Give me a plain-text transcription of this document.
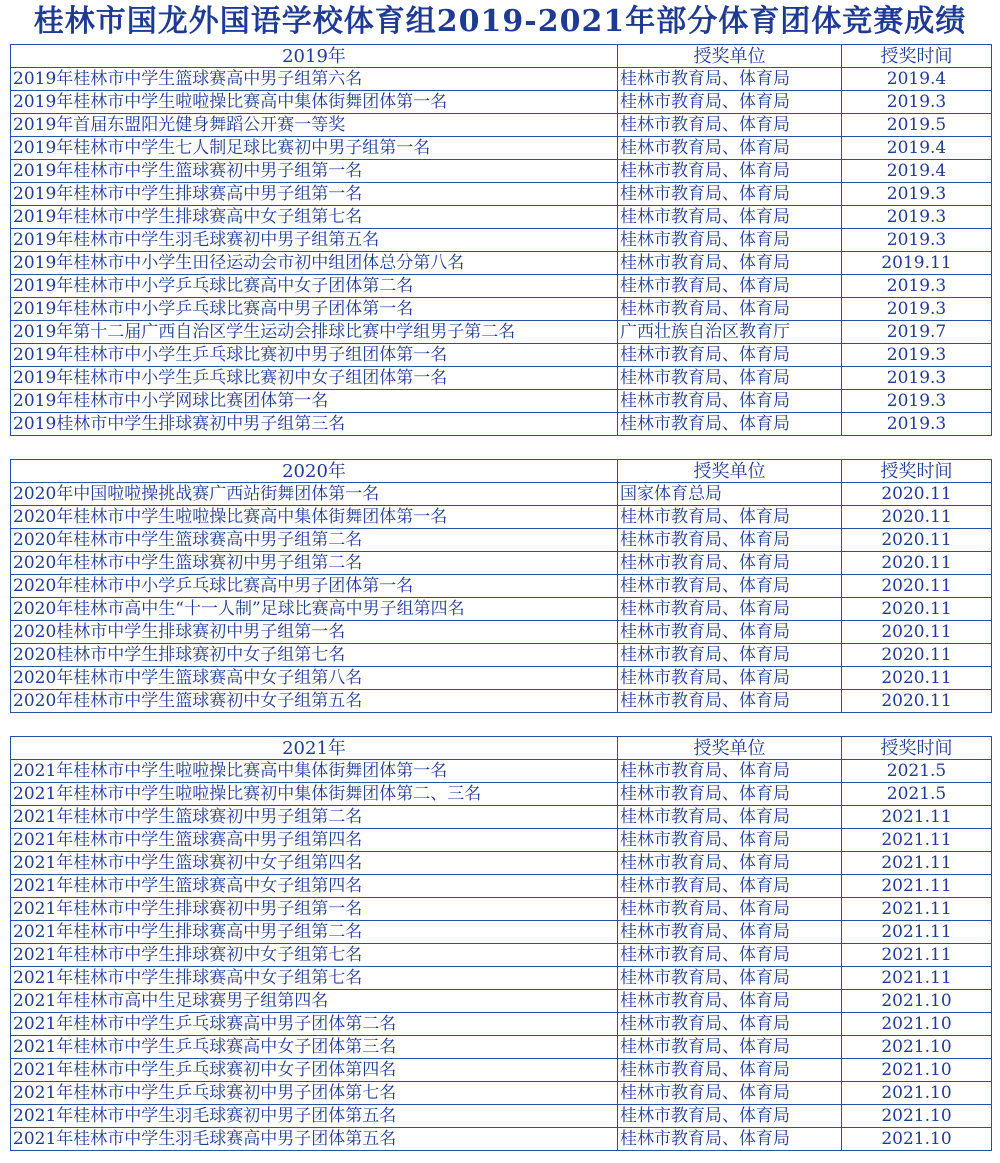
桂林市国龙外国语学校体育组2019-2021年部分体育团体竞赛成绩
2019年	授奖单位	授奖时间
2019年桂林市中学生篮球赛高中男子组第六名	桂林市教育局、体育局	2019.4
2019年桂林市中学生啦啦操比赛高中集体街舞团体第一名	桂林市教育局、体育局	2019.3
2019年首届东盟阳光健身舞蹈公开赛一等奖	桂林市教育局、体育局	2019.5
2019年桂林市中学生七人制足球比赛初中男子组第一名	桂林市教育局、体育局	2019.4
2019年桂林市中学生篮球赛初中男子组第一名	桂林市教育局、体育局	2019.4
2019年桂林市中学生排球赛高中男子组第一名	桂林市教育局、体育局	2019.3
2019年桂林市中学生排球赛高中女子组第七名	桂林市教育局、体育局	2019.3
2019年桂林市中学生羽毛球赛初中男子组第五名	桂林市教育局、体育局	2019.3
2019年桂林市中小学生田径运动会市初中组团体总分第八名	桂林市教育局、体育局	2019.11
2019年桂林市中小学乒乓球比赛高中女子团体第二名	桂林市教育局、体育局	2019.3
2019年桂林市中小学乒乓球比赛高中男子团体第一名	桂林市教育局、体育局	2019.3
2019年第十二届广西自治区学生运动会排球比赛中学组男子第二名	广西壮族自治区教育厅	2019.7
2019年桂林市中小学生乒乓球比赛初中男子组团体第一名	桂林市教育局、体育局	2019.3
2019年桂林市中小学生乒乓球比赛初中女子组团体第一名	桂林市教育局、体育局	2019.3
2019年桂林市中小学网球比赛团体第一名	桂林市教育局、体育局	2019.3
2019桂林市中学生排球赛初中男子组第三名	桂林市教育局、体育局	2019.3
2020年	授奖单位	授奖时间
2020年中国啦啦操挑战赛广西站街舞团体第一名	国家体育总局	2020.11
2020年桂林市中学生啦啦操比赛高中集体街舞团体第一名	桂林市教育局、体育局	2020.11
2020年桂林市中学生篮球赛高中男子组第二名	桂林市教育局、体育局	2020.11
2020年桂林市中学生篮球赛初中男子组第二名	桂林市教育局、体育局	2020.11
2020年桂林市中小学乒乓球比赛高中男子团体第一名	桂林市教育局、体育局	2020.11
2020年桂林市高中生“十一人制”足球比赛高中男子组第四名	桂林市教育局、体育局	2020.11
2020桂林市中学生排球赛初中男子组第一名	桂林市教育局、体育局	2020.11
2020桂林市中学生排球赛初中女子组第七名	桂林市教育局、体育局	2020.11
2020年桂林市中学生篮球赛高中女子组第八名	桂林市教育局、体育局	2020.11
2020年桂林市中学生篮球赛初中女子组第五名	桂林市教育局、体育局	2020.11
2021年	授奖单位	授奖时间
2021年桂林市中学生啦啦操比赛高中集体街舞团体第一名	桂林市教育局、体育局	2021.5
2021年桂林市中学生啦啦操比赛初中集体街舞团体第二、三名	桂林市教育局、体育局	2021.5
2021年桂林市中学生篮球赛初中男子组第二名	桂林市教育局、体育局	2021.11
2021年桂林市中学生篮球赛高中男子组第四名	桂林市教育局、体育局	2021.11
2021年桂林市中学生篮球赛初中女子组第四名	桂林市教育局、体育局	2021.11
2021年桂林市中学生篮球赛高中女子组第四名	桂林市教育局、体育局	2021.11
2021年桂林市中学生排球赛初中男子组第一名	桂林市教育局、体育局	2021.11
2021年桂林市中学生排球赛高中男子组第二名	桂林市教育局、体育局	2021.11
2021年桂林市中学生排球赛初中女子组第七名	桂林市教育局、体育局	2021.11
2021年桂林市中学生排球赛高中女子组第七名	桂林市教育局、体育局	2021.11
2021年桂林市高中生足球赛男子组第四名	桂林市教育局、体育局	2021.10
2021年桂林市中学生乒乓球赛高中男子团体第二名	桂林市教育局、体育局	2021.10
2021年桂林市中学生乒乓球赛高中女子团体第三名	桂林市教育局、体育局	2021.10
2021年桂林市中学生乒乓球赛初中女子团体第四名	桂林市教育局、体育局	2021.10
2021年桂林市中学生乒乓球赛初中男子团体第七名	桂林市教育局、体育局	2021.10
2021年桂林市中学生羽毛球赛初中男子团体第五名	桂林市教育局、体育局	2021.10
2021年桂林市中学生羽毛球赛高中男子团体第五名	桂林市教育局、体育局	2021.10
